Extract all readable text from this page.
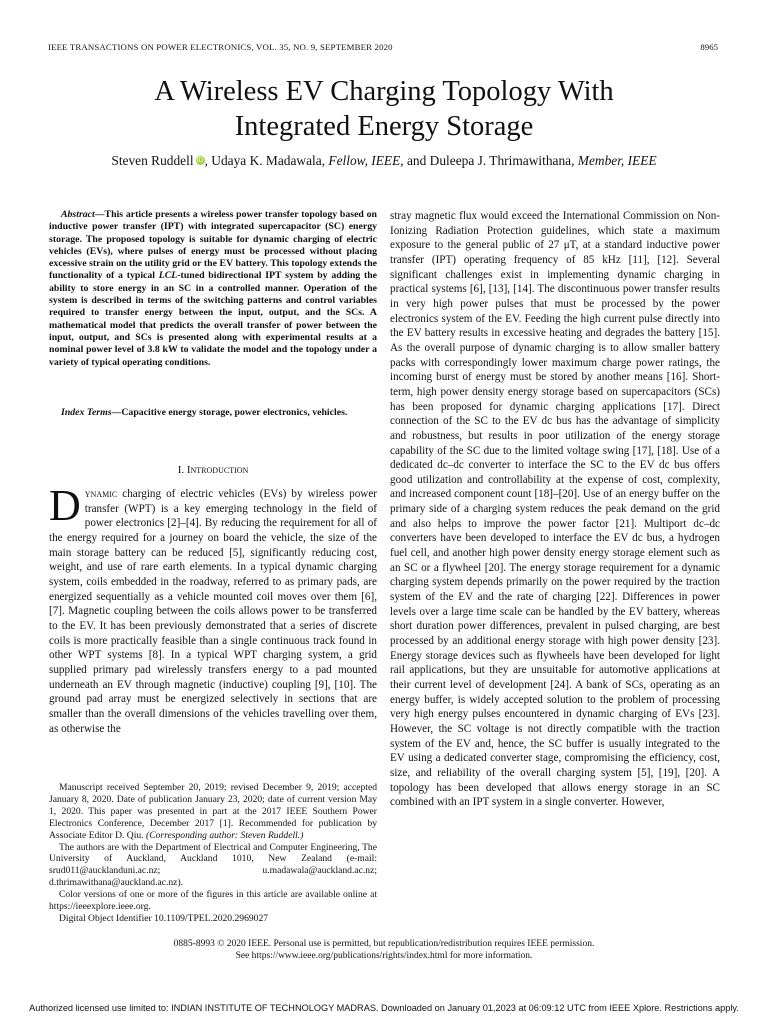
IEEE TRANSACTIONS ON POWER ELECTRONICS, VOL. 35, NO. 9, SEPTEMBER 2020	8965
A Wireless EV Charging Topology With
Integrated Energy Storage
Steven Ruddell iD, Udaya K. Madawala, Fellow, IEEE, and Duleepa J. Thrimawithana, Member, IEEE
Abstract—This article presents a wireless power transfer topology based on inductive power transfer (IPT) with integrated supercapacitor (SC) energy storage. The proposed topology is suitable for dynamic charging of electric vehicles (EVs), where pulses of energy must be processed without placing excessive strain on the utility grid or the EV battery. This topology extends the functionality of a typical LCL-tuned bidirectional IPT system by adding the ability to store energy in an SC in a controlled manner. Operation of the system is described in terms of the switching patterns and control variables required to transfer energy between the input, output, and the SCs. A mathematical model that predicts the overall transfer of power between the input, output, and SCs is presented along with experimental results at a nominal power level of 3.8 kW to validate the model and the topology under a variety of typical operating conditions.
Index Terms—Capacitive energy storage, power electronics, vehicles.
I. Introduction
Dynamic charging of electric vehicles (EVs) by wireless power transfer (WPT) is a key emerging technology in the field of power electronics [2]–[4]. By reducing the requirement for all of the energy required for a journey on board the vehicle, the size of the main storage battery can be reduced [5], significantly reducing cost, weight, and use of rare earth elements. In a typical dynamic charging system, coils embedded in the roadway, referred to as primary pads, are energized sequentially as a vehicle mounted coil moves over them [6], [7]. Magnetic coupling between the coils allows power to be transferred to the EV. It has been previously demonstrated that a series of discrete coils is more practically feasible than a single continuous track found in other WPT systems [8]. In a typical WPT charging system, a grid supplied primary pad wirelessly transfers energy to a pad mounted underneath an EV through magnetic (inductive) coupling [9], [10]. The ground pad array must be energized selectively in sections that are smaller than the overall dimensions of the vehicles travelling over them, as otherwise the

Manuscript received September 20, 2019; revised December 9, 2019; accepted January 8, 2020. Date of publication January 23, 2020; date of current version May 1, 2020. This paper was presented in part at the 2017 IEEE Southern Power Electronics Conference, December 2017 [1]. Recommended for publication by Associate Editor D. Qiu. (Corresponding author: Steven Ruddell.)

The authors are with the Department of Electrical and Computer Engineering, The University of Auckland, Auckland 1010, New Zealand (e-mail: srud011@aucklanduni.ac.nz; u.madawala@auckland.ac.nz; d.thrimawithana@auckland.ac.nz).

Color versions of one or more of the figures in this article are available online at https://ieeexplore.ieee.org.

Digital Object Identifier 10.1109/TPEL.2020.2969027

stray magnetic flux would exceed the International Commission on Non-Ionizing Radiation Protection guidelines, which state a maximum exposure to the general public of 27 μT, at a standard inductive power transfer (IPT) operating frequency of 85 kHz [11], [12]. Several significant challenges exist in implementing dynamic charging in practical systems [6], [13], [14]. The discontinuous power transfer results in very high power pulses that must be processed by the power electronics system of the EV. Feeding the high current pulse directly into the EV battery results in excessive heating and degrades the battery [15]. As the overall purpose of dynamic charging is to allow smaller battery packs with correspondingly lower maximum charge power ratings, the incoming burst of energy must be stored by another means [16]. Short-term, high power density energy storage based on supercapacitors (SCs) has been proposed for dynamic charging applications [17]. Direct connection of the SC to the EV dc bus has the advantage of simplicity and robustness, but results in poor utilization of the energy storage capability of the SC due to the limited voltage swing [17], [18]. Use of a dedicated dc–dc converter to interface the SC to the EV dc bus offers good utilization and controllability at the expense of cost, complexity, and increased component count [18]–[20]. Use of an energy buffer on the primary side of a charging system reduces the peak demand on the grid and also helps to improve the power factor [21]. Multiport dc–dc converters have been developed to interface the EV dc bus, a hydrogen fuel cell, and another high power density energy storage element such as an SC or a flywheel [20]. The energy storage requirement for a dynamic charging system depends primarily on the power required by the traction system of the EV and the rate of charging [22]. Differences in power levels over a large time scale can be handled by the EV battery, whereas short duration power differences, prevalent in pulsed charging, are best processed by an additional energy storage with high power density [23]. Energy storage devices such as flywheels have been developed for light rail applications, but they are unsuitable for automotive applications at their current level of development [24]. A bank of SCs, operating as an energy buffer, is widely accepted solution to the problem of processing very high energy pulses encountered in dynamic charging of EVs [23]. However, the SC voltage is not directly compatible with the traction system of the EV and, hence, the SC buffer is usually integrated to the EV using a dedicated converter stage, compromising the efficiency, cost, size, and reliability of the overall charging system [5], [19], [20]. A topology has been developed that allows energy storage in an SC combined with an IPT system in a single converter. However,

0885-8993 © 2020 IEEE. Personal use is permitted, but republication/redistribution requires IEEE permission.
See https://www.ieee.org/publications/rights/index.html for more information.
Authorized licensed use limited to: INDIAN INSTITUTE OF TECHNOLOGY MADRAS. Downloaded on January 01,2023 at 06:09:12 UTC from IEEE Xplore. Restrictions apply.
